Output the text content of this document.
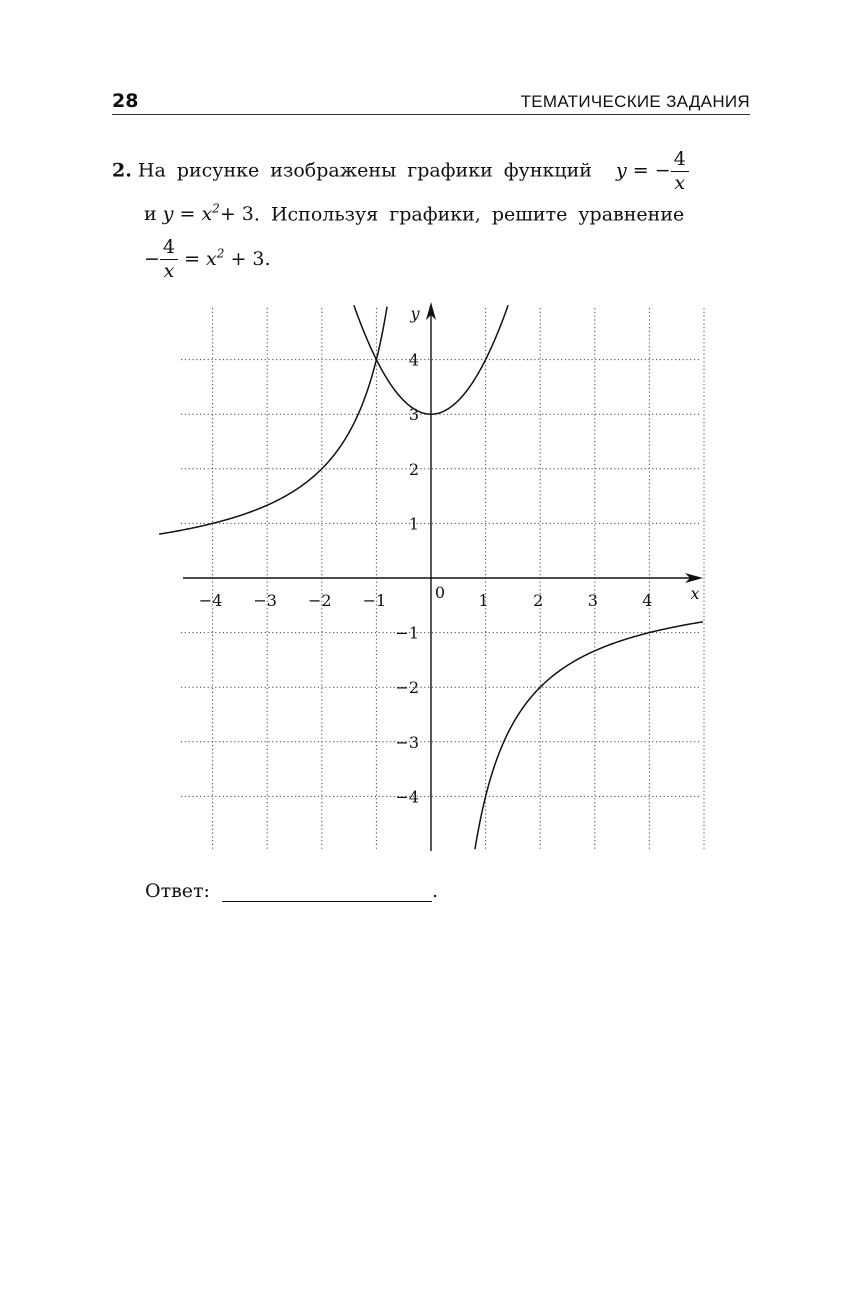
28	ТЕМАТИЧЕСКИЕ ЗАДАНИЯ
2. На рисунке изображены графики функций y = − $\frac{4}{x}$
и $y = x^2+ 3$. Используя графики, решите уравнение
− $\frac{4}{x} = x^2 + 3$.
−4 −3 −2 −1	1	2	3	4
4
3
2
1
−1
−2
−3
−4
0	x
y
Ответ:	.
